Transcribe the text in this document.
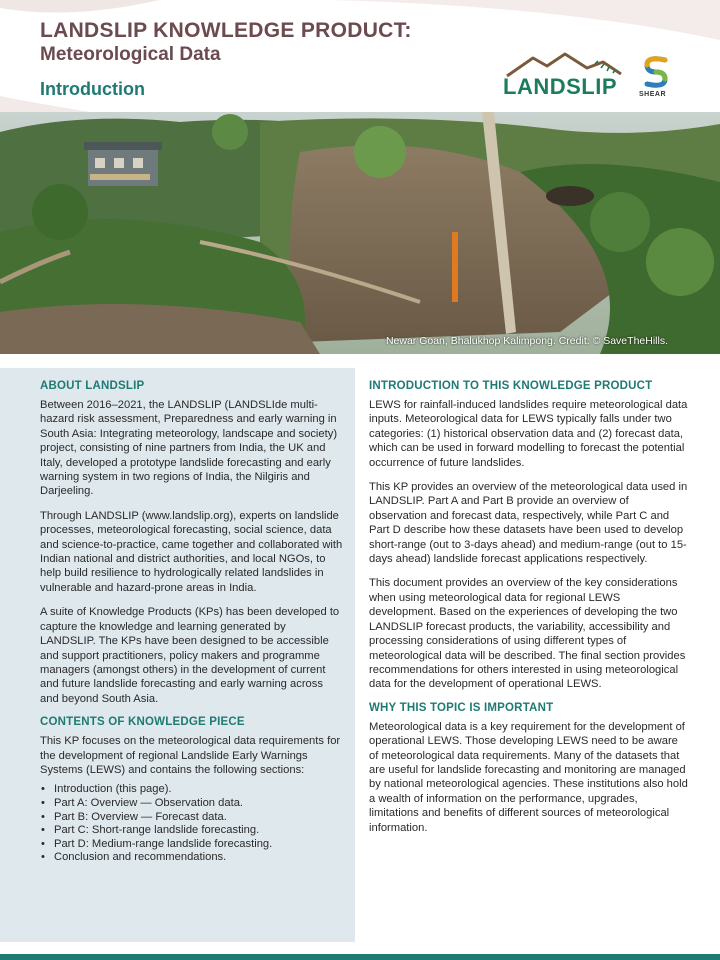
LANDSLIP KNOWLEDGE PRODUCT:
Meteorological Data
Introduction	LANDSLIP	SHEAR
Newar Goan, Bhalukhop Kalimpong. Credit: © SaveTheHills.
ABOUT LANDSLIP

Between 2016–2021, the LANDSLIP (LANDSLIde multi-hazard risk assessment, Preparedness and early warning in South Asia: Integrating meteorology, landscape and society) project, consisting of nine partners from India, the UK and Italy, developed a prototype landslide forecasting and early warning system in two regions of India, the Nilgiris and Darjeeling.

Through LANDSLIP (www.landslip.org), experts on landslide processes, meteorological forecasting, social science, data and science-to-practice, came together and collaborated with Indian national and district authorities, and local NGOs, to help build resilience to hydrologically related landslides in vulnerable and hazard-prone areas in India.

A suite of Knowledge Products (KPs) has been developed to capture the knowledge and learning generated by LANDSLIP. The KPs have been designed to be accessible and support practitioners, policy makers and programme managers (amongst others) in the development of current and future landslide forecasting and early warning across and beyond South Asia.

CONTENTS OF KNOWLEDGE PIECE

This KP focuses on the meteorological data requirements for the development of regional Landslide Early Warnings Systems (LEWS) and contains the following sections:

• Introduction (this page).
• Part A: Overview — Observation data.
• Part B: Overview — Forecast data.
• Part C: Short-range landslide forecasting.
• Part D: Medium-range landslide forecasting.
• Conclusion and recommendations.
INTRODUCTION TO THIS KNOWLEDGE PRODUCT

LEWS for rainfall-induced landslides require meteorological data inputs. Meteorological data for LEWS typically falls under two categories: (1) historical observation data and (2) forecast data, which can be used in forward modelling to forecast the potential occurrence of future landslides.

This KP provides an overview of the meteorological data used in LANDSLIP. Part A and Part B provide an overview of observation and forecast data, respectively, while Part C and Part D describe how these datasets have been used to develop short-range (out to 3-days ahead) and medium-range (out to 15-days ahead) landslide forecast applications respectively.

This document provides an overview of the key considerations when using meteorological data for regional LEWS development. Based on the experiences of developing the two LANDSLIP forecast products, the variability, accessibility and processing considerations of using different types of meteorological data will be described. The final section provides recommendations for others interested in using meteorological data for the development of operational LEWS.

WHY THIS TOPIC IS IMPORTANT

Meteorological data is a key requirement for the development of operational LEWS. Those developing LEWS need to be aware of meteorological data requirements. Many of the datasets that are useful for landslide forecasting and monitoring are managed by national meteorological agencies. These institutions also hold a wealth of information on the performance, upgrades, limitations and benefits of different sources of meteorological information.
